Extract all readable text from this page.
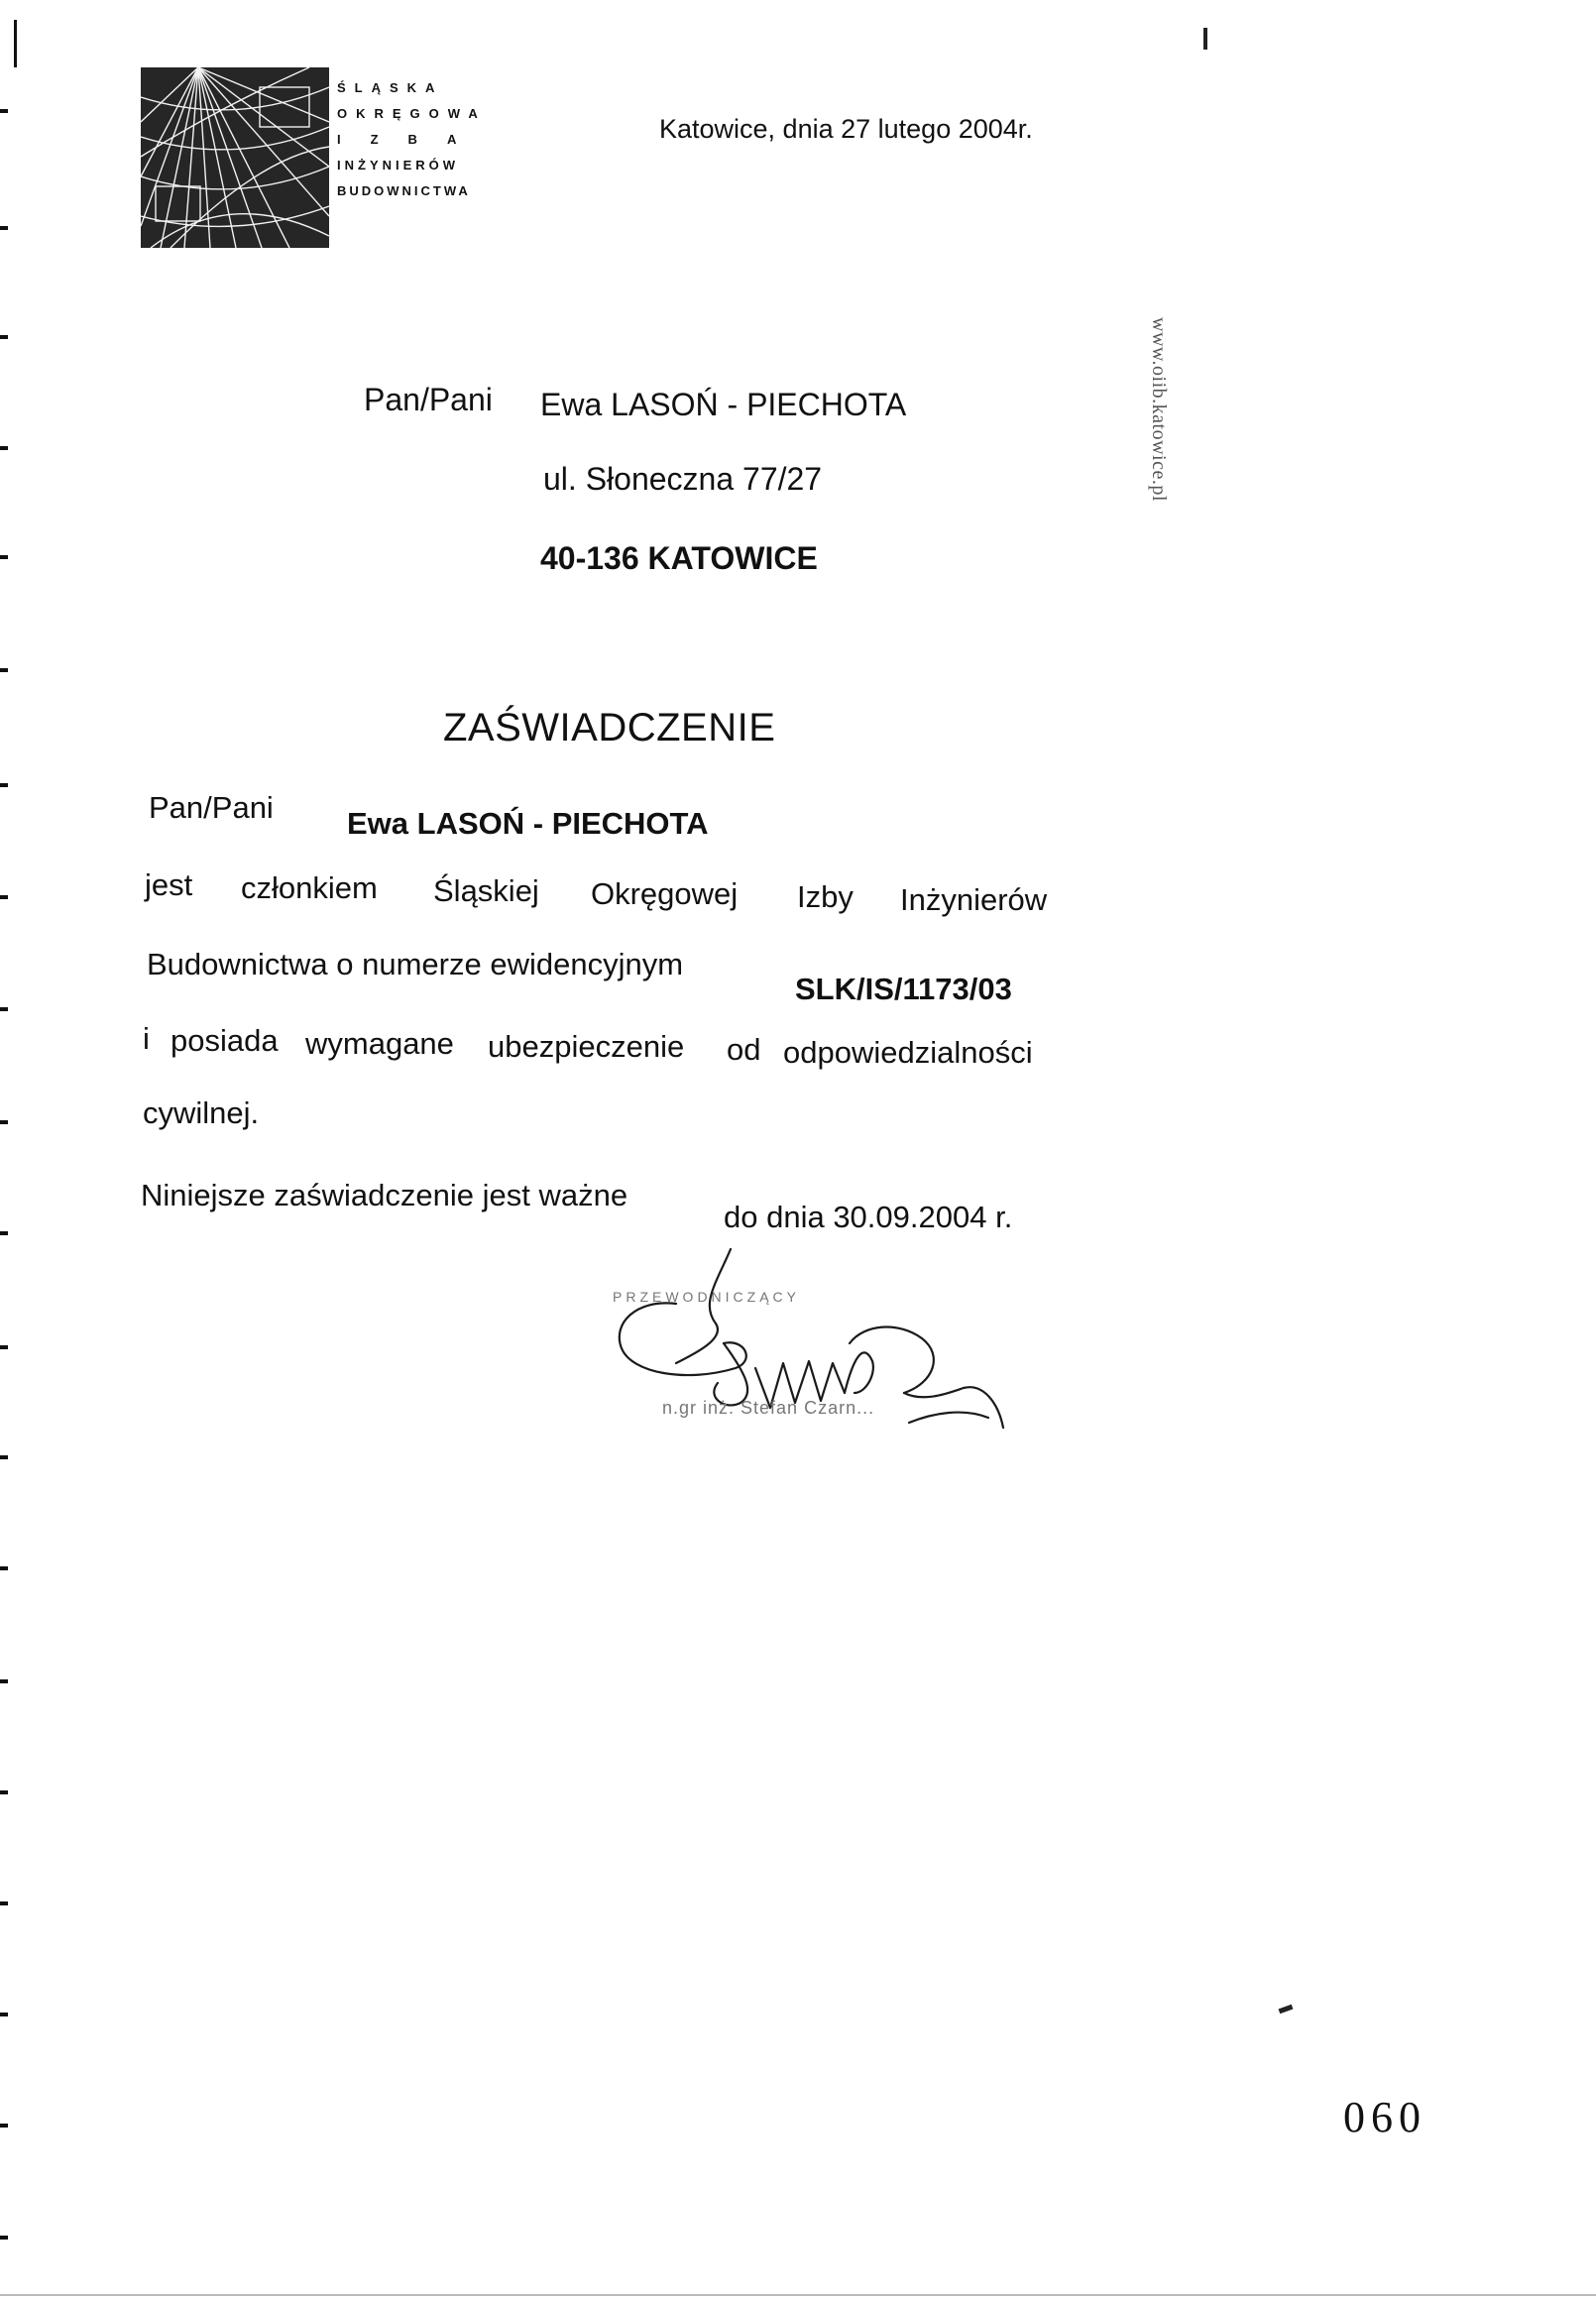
ŚLĄSKA
OKRĘGOWA
IZBA
INŻYNIERÓW
BUDOWNICTWA
Katowice, dnia 27 lutego 2004r.
Pan/Pani Ewa LASOŃ - PIECHOTA
ul. Słoneczna 77/27
40-136 KATOWICE
ZAŚWIADCZENIE
Pan/Pani Ewa LASOŃ - PIECHOTA
jest członkiem Śląskiej Okręgowej Izby Inżynierów
Budownictwa o numerze ewidencyjnym
SLK/IS/1173/03
i posiada wymagane ubezpieczenie od odpowiedzialności
cywilnej.
Niniejsze zaświadczenie jest ważne
do dnia 30.09.2004 r.
www.oiib.katowice.pl
PRZEWODNICZĄCY
n.gr inż. Stefan Czarn...
060
